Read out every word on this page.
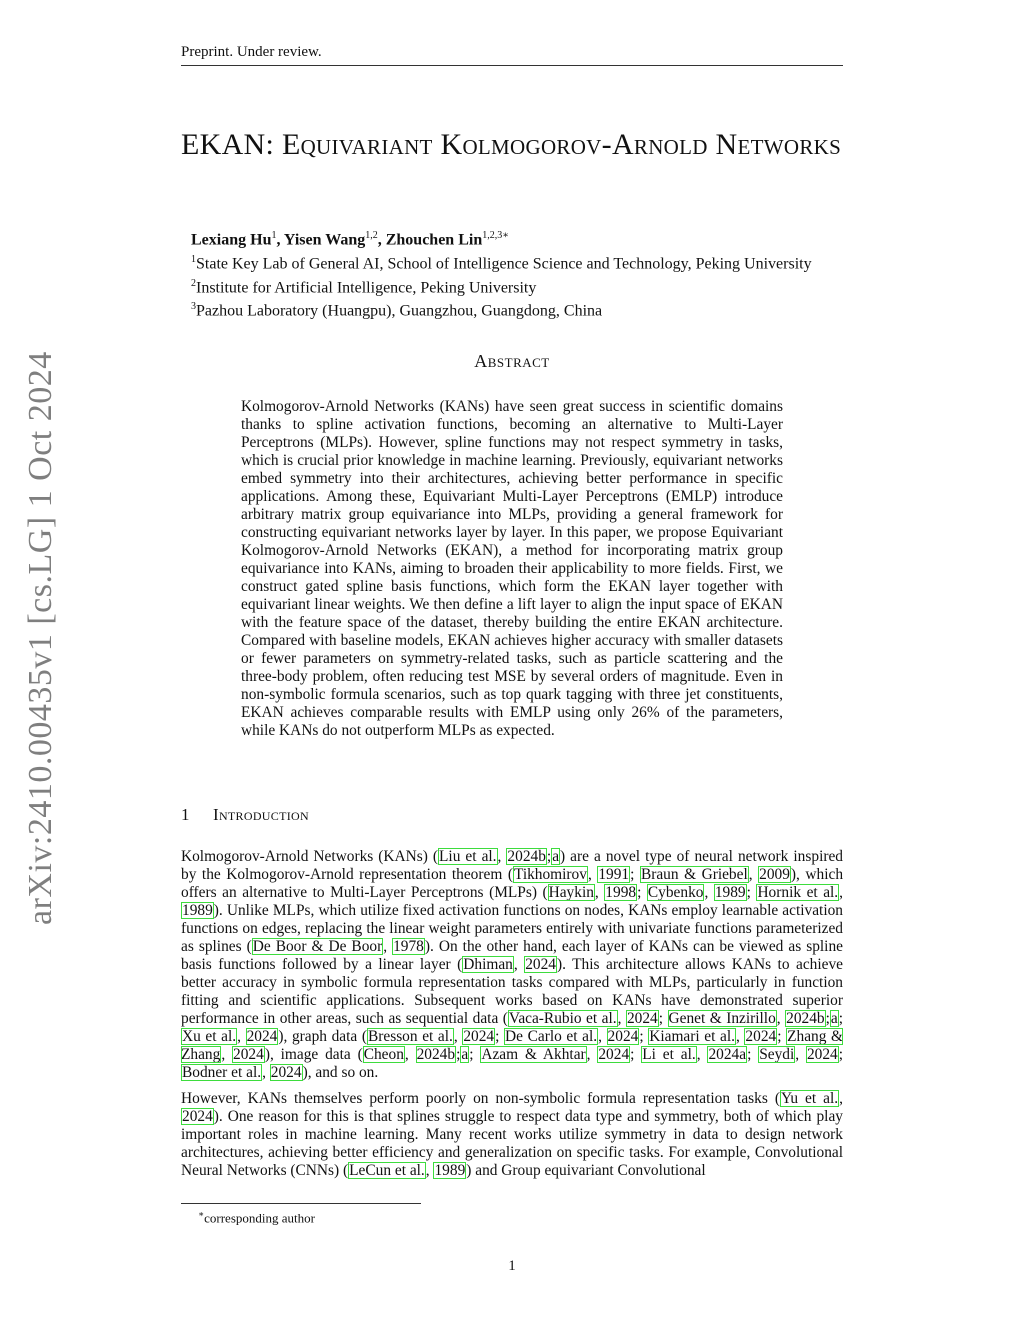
Preprint. Under review.
arXiv:2410.00435v1 [cs.LG] 1 Oct 2024
EKAN: Equivariant Kolmogorov-Arnold Networks
Lexiang Hu$^1$, Yisen Wang$^{1,2}$, Zhouchen Lin$^{1,2,3∗}$
$^1$State Key Lab of General AI, School of Intelligence Science and Technology, Peking University
$^2$Institute for Artificial Intelligence, Peking University
$^3$Pazhou Laboratory (Huangpu), Guangzhou, Guangdong, China
Abstract
Kolmogorov-Arnold Networks (KANs) have seen great success in scientific domains thanks to spline activation functions, becoming an alternative to Multi-Layer Perceptrons (MLPs). However, spline functions may not respect symmetry in tasks, which is crucial prior knowledge in machine learning. Previously, equivariant networks embed symmetry into their architectures, achieving better performance in specific applications. Among these, Equivariant Multi-Layer Perceptrons (EMLP) introduce arbitrary matrix group equivariance into MLPs, providing a general framework for constructing equivariant networks layer by layer. In this paper, we propose Equivariant Kolmogorov-Arnold Networks (EKAN), a method for incorporating matrix group equivariance into KANs, aiming to broaden their applicability to more fields. First, we construct gated spline basis functions, which form the EKAN layer together with equivariant linear weights. We then define a lift layer to align the input space of EKAN with the feature space of the dataset, thereby building the entire EKAN architecture. Compared with baseline models, EKAN achieves higher accuracy with smaller datasets or fewer parameters on symmetry-related tasks, such as particle scattering and the three-body problem, often reducing test MSE by several orders of magnitude. Even in non-symbolic formula scenarios, such as top quark tagging with three jet constituents, EKAN achieves comparable results with EMLP using only 26% of the parameters, while KANs do not outperform MLPs as expected.
1 Introduction

Kolmogorov-Arnold Networks (KANs) (Liu et al., 2024b;a) are a novel type of neural network inspired by the Kolmogorov-Arnold representation theorem (Tikhomirov, 1991; Braun & Griebel, 2009), which offers an alternative to Multi-Layer Perceptrons (MLPs) (Haykin, 1998; Cybenko, 1989; Hornik et al., 1989). Unlike MLPs, which utilize fixed activation functions on nodes, KANs employ learnable activation functions on edges, replacing the linear weight parameters entirely with univariate functions parameterized as splines (De Boor & De Boor, 1978). On the other hand, each layer of KANs can be viewed as spline basis functions followed by a linear layer (Dhiman, 2024). This architecture allows KANs to achieve better accuracy in symbolic formula representation tasks compared with MLPs, particularly in function fitting and scientific applications. Subsequent works based on KANs have demonstrated superior performance in other areas, such as sequential data (Vaca-Rubio et al., 2024; Genet & Inzirillo, 2024b;a; Xu et al., 2024), graph data (Bresson et al., 2024; De Carlo et al., 2024; Kiamari et al., 2024; Zhang & Zhang, 2024), image data (Cheon, 2024b;a; Azam & Akhtar, 2024; Li et al., 2024a; Seydi, 2024; Bodner et al., 2024), and so on.

However, KANs themselves perform poorly on non-symbolic formula representation tasks (Yu et al., 2024). One reason for this is that splines struggle to respect data type and symmetry, both of which play important roles in machine learning. Many recent works utilize symmetry in data to design network architectures, achieving better efficiency and generalization on specific tasks. For example, Convolutional Neural Networks (CNNs) (LeCun et al., 1989) and Group equivariant Convolutional

∗corresponding author
1
